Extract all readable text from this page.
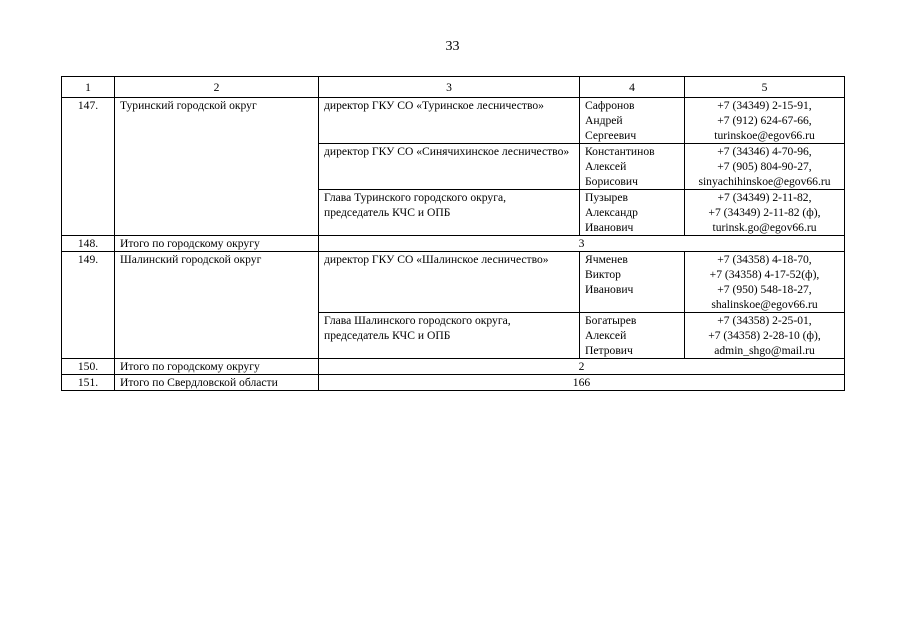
33
1	2	3	4	5
147.	Туринский городской округ	директор ГКУ СО «Туринское лесничество»	Сафронов
Андрей
Сергеевич	+7 (34349) 2-15-91,
+7 (912) 624-67-66,
turinskoe@egov66.ru

		директор ГКУ СО «Синячихинское лесничество»	Константинов
Алексей
Борисович	+7 (34346) 4-70-96,
+7 (905) 804-90-27,
sinyachihinskoe@egov66.ru

		Глава Туринского городского округа, председатель КЧС и ОПБ	Пузырев
Александр
Иванович	+7 (34349) 2-11-82,
+7 (34349) 2-11-82 (ф),
turinsk.go@egov66.ru

148.	Итого по городскому округу	3		
149.	Шалинский городской округ	директор ГКУ СО «Шалинское лесничество»	Ячменев
Виктор
Иванович	+7 (34358) 4-18-70,
+7 (34358) 4-17-52(ф),
+7 (950) 548-18-27,
shalinskoe@egov66.ru

		Глава Шалинского городского округа, председатель КЧС и ОПБ	Богатырев
Алексей
Петрович	+7 (34358) 2-25-01,
+7 (34358) 2-28-10 (ф),
admin_shgo@mail.ru

150.	Итого по городскому округу	2		
151.	Итого по Свердловской области	166		
